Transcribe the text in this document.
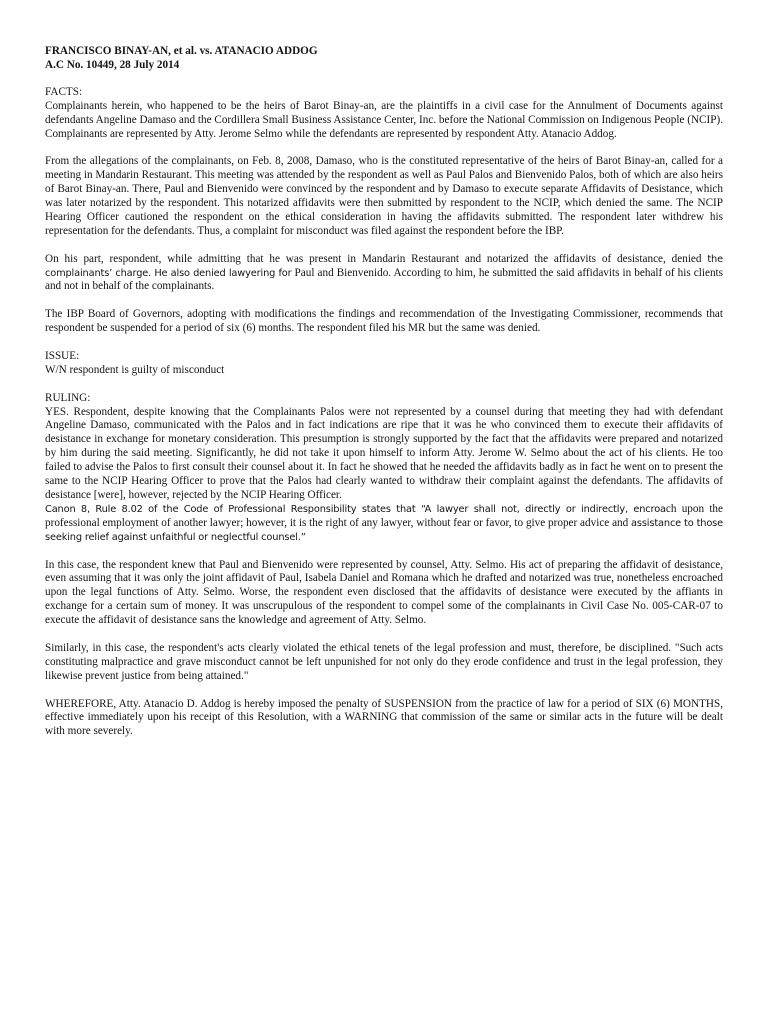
FRANCISCO BINAY-AN, et al. vs. ATANACIO ADDOG
A.C No. 10449, 28 July 2014
FACTS:

Complainants herein, who happened to be the heirs of Barot Binay-an, are the plaintiffs in a civil case for the Annulment of Documents against defendants Angeline Damaso and the Cordillera Small Business Assistance Center, Inc. before the National Commission on Indigenous People (NCIP). Complainants are represented by Atty. Jerome Selmo while the defendants are represented by respondent Atty. Atanacio Addog.

From the allegations of the complainants, on Feb. 8, 2008, Damaso, who is the constituted representative of the heirs of Barot Binay-an, called for a meeting in Mandarin Restaurant. This meeting was attended by the respondent as well as Paul Palos and Bienvenido Palos, both of which are also heirs of Barot Binay-an. There, Paul and Bienvenido were convinced by the respondent and by Damaso to execute separate Affidavits of Desistance, which was later notarized by the respondent. This notarized affidavits were then submitted by respondent to the NCIP, which denied the same. The NCIP Hearing Officer cautioned the respondent on the ethical consideration in having the affidavits submitted. The respondent later withdrew his representation for the defendants. Thus, a complaint for misconduct was filed against the respondent before the IBP.

On his part, respondent, while admitting that he was present in Mandarin Restaurant and notarized the affidavits of desistance, denied the complainants’ charge. He also denied lawyering for Paul and Bienvenido. According to him, he submitted the said affidavits in behalf of his clients and not in behalf of the complainants.

The IBP Board of Governors, adopting with modifications the findings and recommendation of the Investigating Commissioner, recommends that respondent be suspended for a period of six (6) months. The respondent filed his MR but the same was denied.

ISSUE:

W/N respondent is guilty of misconduct

RULING:

YES. Respondent, despite knowing that the Complainants Palos were not represented by a counsel during that meeting they had with defendant Angeline Damaso, communicated with the Palos and in fact indications are ripe that it was he who convinced them to execute their affidavits of desistance in exchange for monetary consideration. This presumption is strongly supported by the fact that the affidavits were prepared and notarized by him during the said meeting. Significantly, he did not take it upon himself to inform Atty. Jerome W. Selmo about the act of his clients. He too failed to advise the Palos to first consult their counsel about it. In fact he showed that he needed the affidavits badly as in fact he went on to present the same to the NCIP Hearing Officer to prove that the Palos had clearly wanted to withdraw their complaint against the defendants. The affidavits of desistance [were], however, rejected by the NCIP Hearing Officer.

Canon 8, Rule 8.02 of the Code of Professional Responsibility states that “A lawyer shall not, directly or indirectly, encroach upon the professional employment of another lawyer; however, it is the right of any lawyer, without fear or favor, to give proper advice and assistance to those seeking relief against unfaithful or neglectful counsel.”

In this case, the respondent knew that Paul and Bienvenido were represented by counsel, Atty. Selmo. His act of preparing the affidavit of desistance, even assuming that it was only the joint affidavit of Paul, Isabela Daniel and Romana which he drafted and notarized was true, nonetheless encroached upon the legal functions of Atty. Selmo. Worse, the respondent even disclosed that the affidavits of desistance were executed by the affiants in exchange for a certain sum of money. It was unscrupulous of the respondent to compel some of the complainants in Civil Case No. 005-CAR-07 to execute the affidavit of desistance sans the knowledge and agreement of Atty. Selmo.

Similarly, in this case, the respondent's acts clearly violated the ethical tenets of the legal profession and must, therefore, be disciplined. "Such acts constituting malpractice and grave misconduct cannot be left unpunished for not only do they erode confidence and trust in the legal profession, they likewise prevent justice from being attained."

WHEREFORE, Atty. Atanacio D. Addog is hereby imposed the penalty of SUSPENSION from the practice of law for a period of SIX (6) MONTHS, effective immediately upon his receipt of this Resolution, with a WARNING that commission of the same or similar acts in the future will be dealt with more severely.
